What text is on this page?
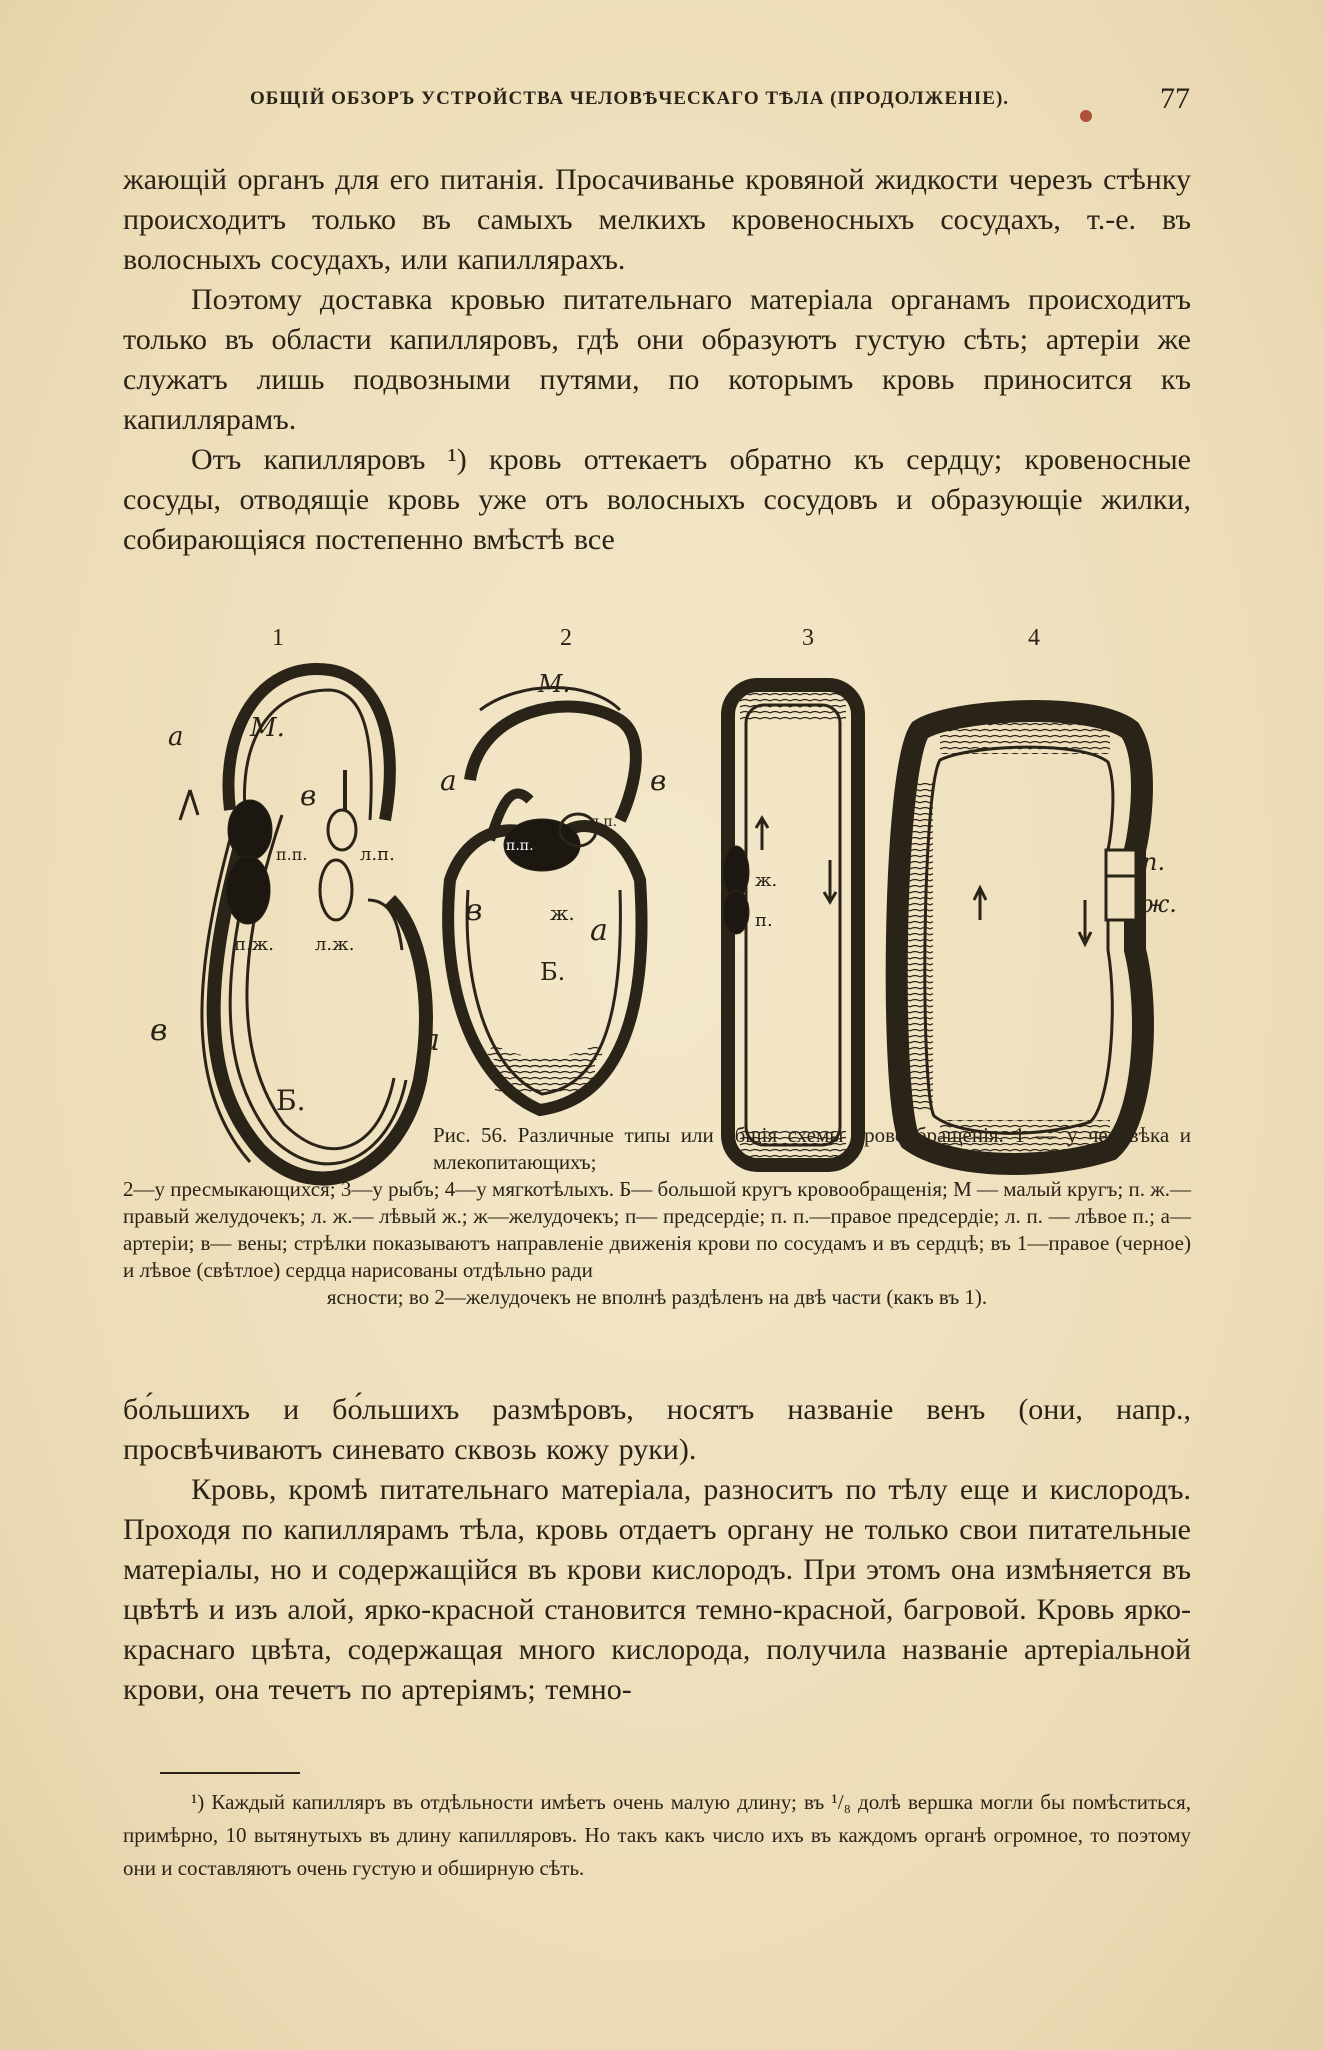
ОБЩІЙ ОБЗОРЪ УСТРОЙСТВА ЧЕЛОВѢЧЕСКАГО ТѢЛА (ПРОДОЛЖЕНІЕ).	77

жающій органъ для его питанія. Просачиванье кровяной жидкости черезъ стѣнку происходитъ только въ самыхъ мелкихъ кровеносныхъ сосудахъ, т.-е. въ волосныхъ сосудахъ, или капиллярахъ.

Поэтому доставка кровью питательнаго матеріала органамъ происходитъ только въ области капилляровъ, гдѣ они образуютъ густую сѣть; артеріи же служатъ лишь подвозными путями, по которымъ кровь приносится къ капиллярамъ.

Отъ капилляровъ ¹) кровь оттекаетъ обратно къ сердцу; кровеносные сосуды, отводящіе кровь уже отъ волосныхъ сосудовъ и образующіе жилки, собирающіяся постепенно вмѣстѣ все

1	2	3	4
а	М.
в
п.п.	л.п.
п.ж. л.ж.
в	а
Б.
М.
а	в
л.п.
п.п.
в	ж. а
Б.
ж.
п.
п.
ж.

Рис. 56. Различные типы или общія схемы кровообращенія. 1 — у человѣка и млекопитающихъ;

2—у пресмыкающихся; 3—у рыбъ; 4—у мягкотѣлыхъ. Б— большой кругъ кровообращенія; М — малый кругъ; п. ж.— правый желудочекъ; л. ж.— лѣвый ж.; ж—желудочекъ; п— предсердіе; п. п.—правое предсердіе; л. п. — лѣвое п.; а— артеріи; в— вены; стрѣлки показываютъ направленіе движенія крови по сосудамъ и въ сердцѣ; въ 1—правое (черное) и лѣвое (свѣтлое) сердца нарисованы отдѣльно ради

ясности; во 2—желудочекъ не вполнѣ раздѣленъ на двѣ части (какъ въ 1).

бо́льшихъ и бо́льшихъ размѣровъ, носятъ названіе венъ (они, напр., просвѣчиваютъ синевато сквозь кожу руки).

Кровь, кромѣ питательнаго матеріала, разноситъ по тѣлу еще и кислородъ. Проходя по капиллярамъ тѣла, кровь отдаетъ органу не только свои питательные матеріалы, но и содержащійся въ крови кислородъ. При этомъ она измѣняется въ цвѣтѣ и изъ алой, ярко-красной становится темно-красной, багровой. Кровь ярко-краснаго цвѣта, содержащая много кислорода, получила названіе артеріальной крови, она течетъ по артеріямъ; темно-

¹) Каждый капилляръ въ отдѣльности имѣетъ очень малую длину; въ ¹/₈ долѣ вершка могли бы помѣститься, примѣрно, 10 вытянутыхъ въ длину капилляровъ. Но такъ какъ число ихъ въ каждомъ органѣ огромное, то поэтому они и составляютъ очень густую и обширную сѣть.
